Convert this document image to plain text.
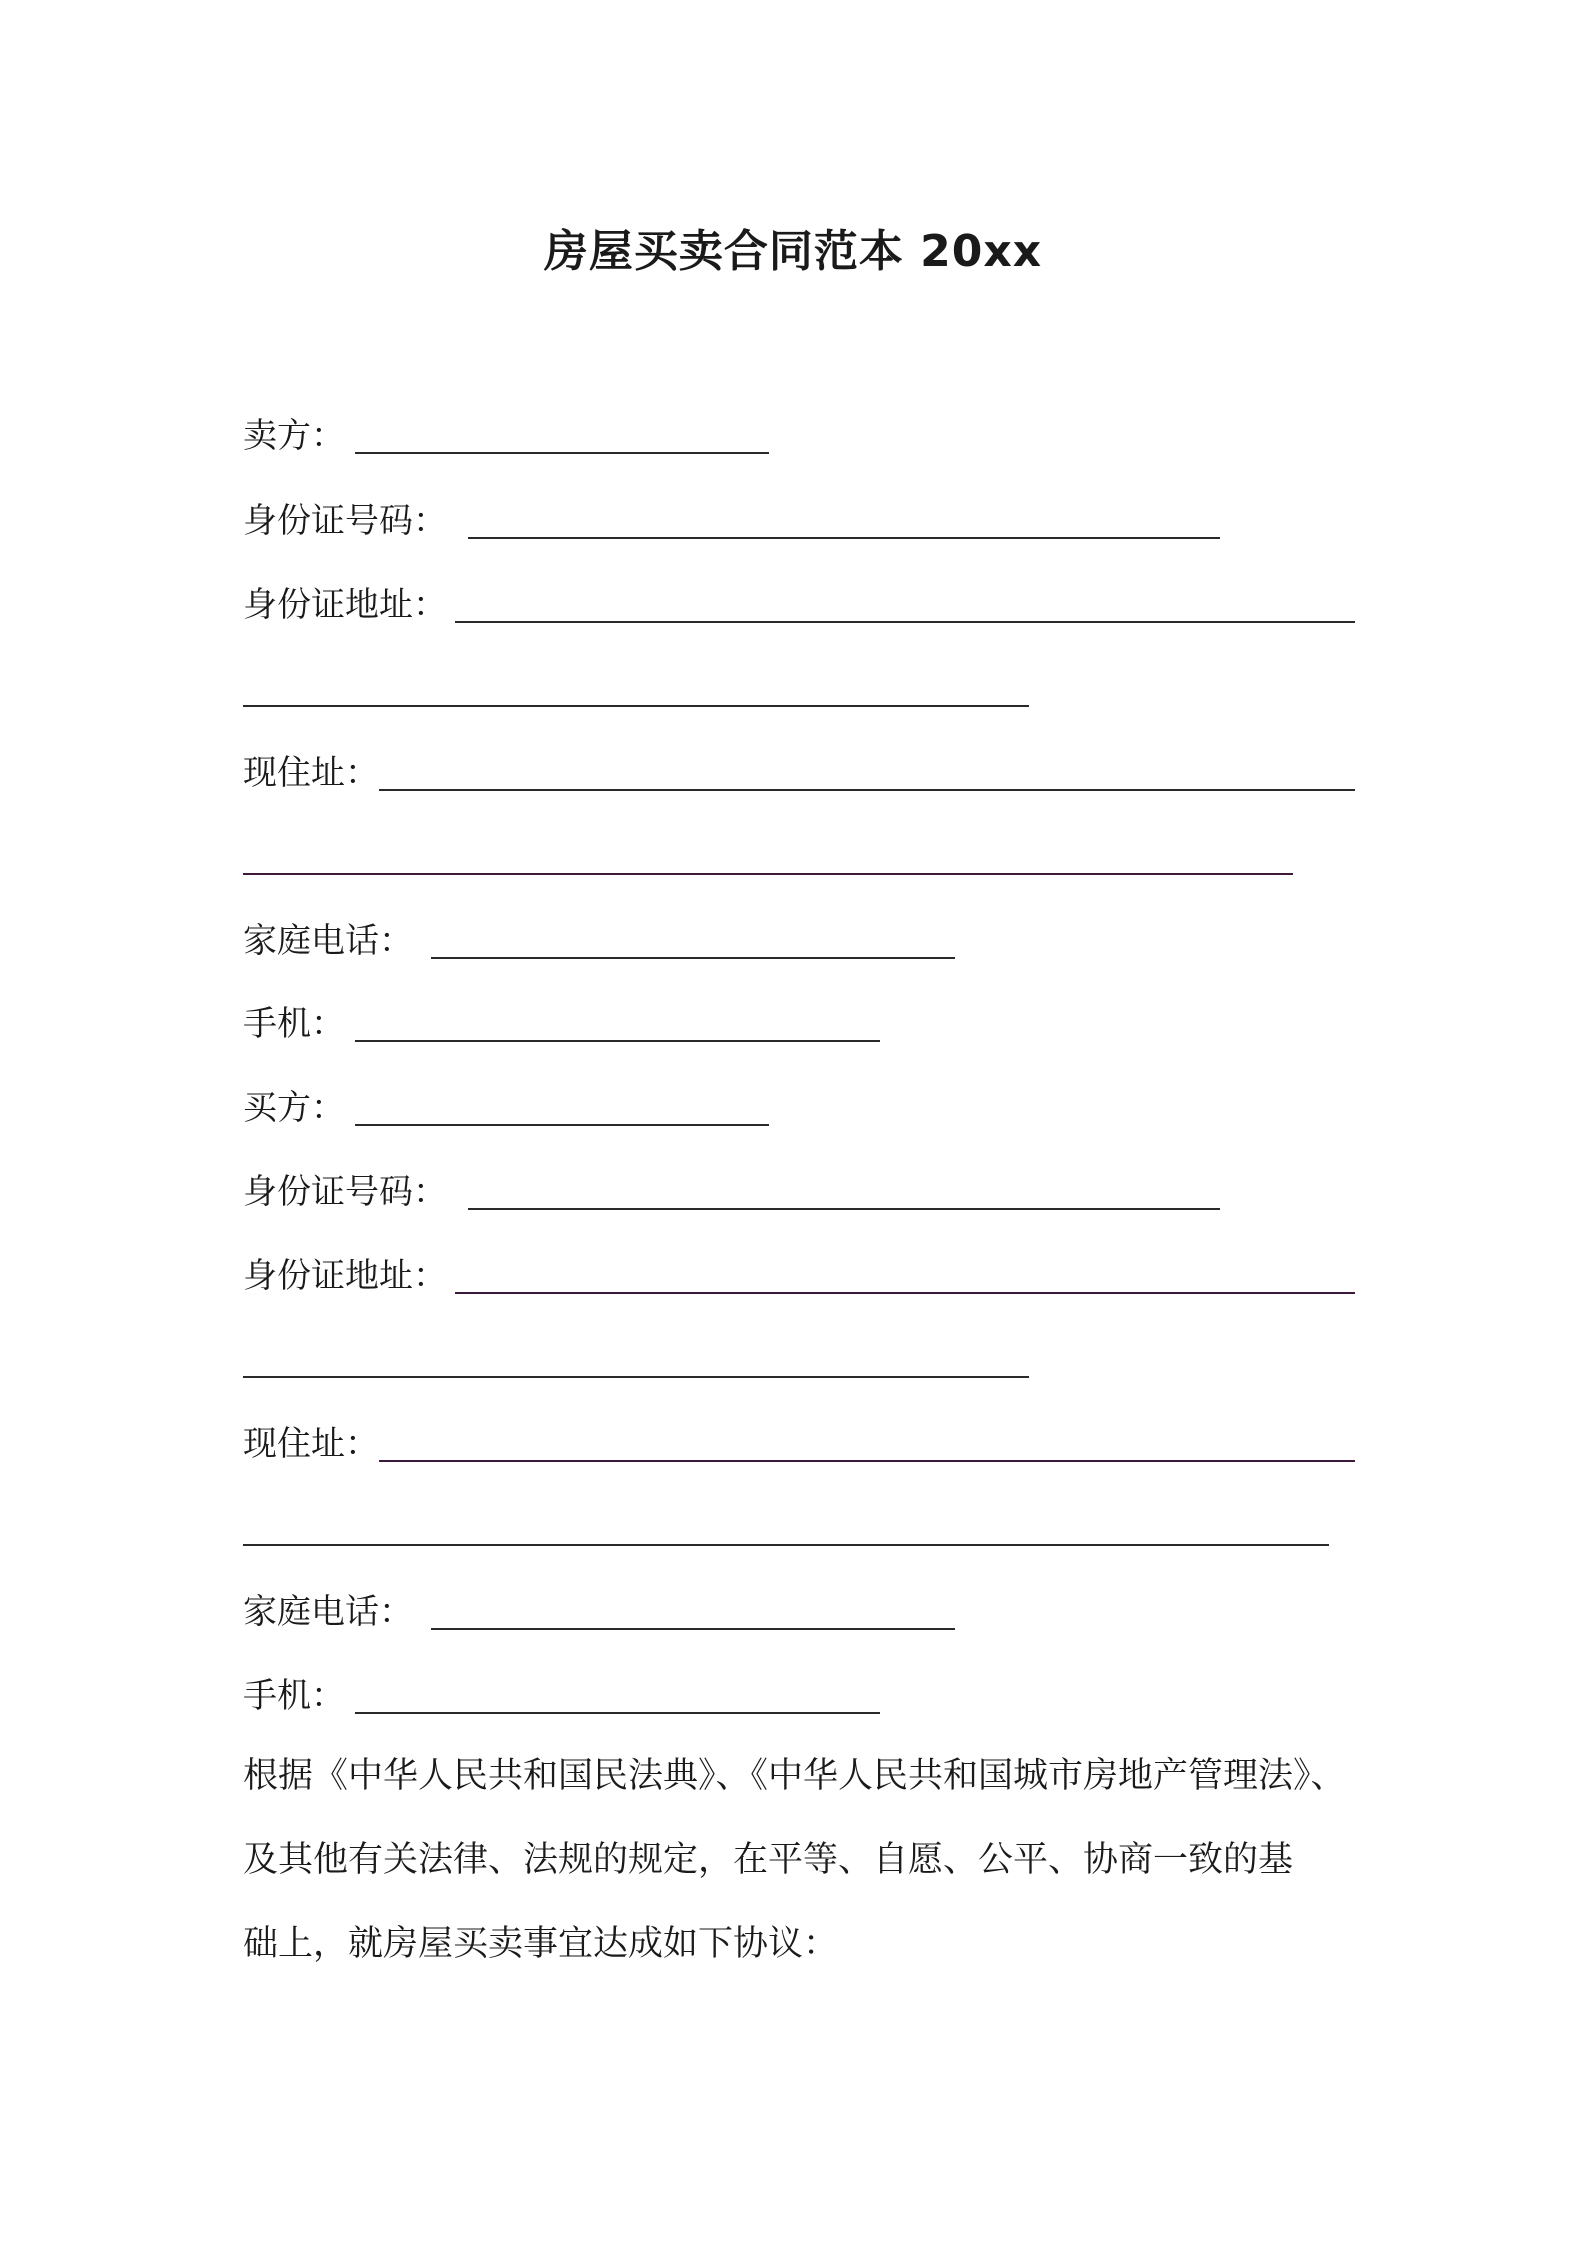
房屋买卖合同范本 20xx
卖方：
身份证号码：
身份证地址：
现住址：
家庭电话：
手机：
买方：
身份证号码：
身份证地址：
现住址：
家庭电话：
手机：
根据《中华人民共和国民法典》、《中华人民共和国城市房地产管理法》、
及其他有关法律、法规的规定，在平等、自愿、公平、协商一致的基
础上，就房屋买卖事宜达成如下协议：
